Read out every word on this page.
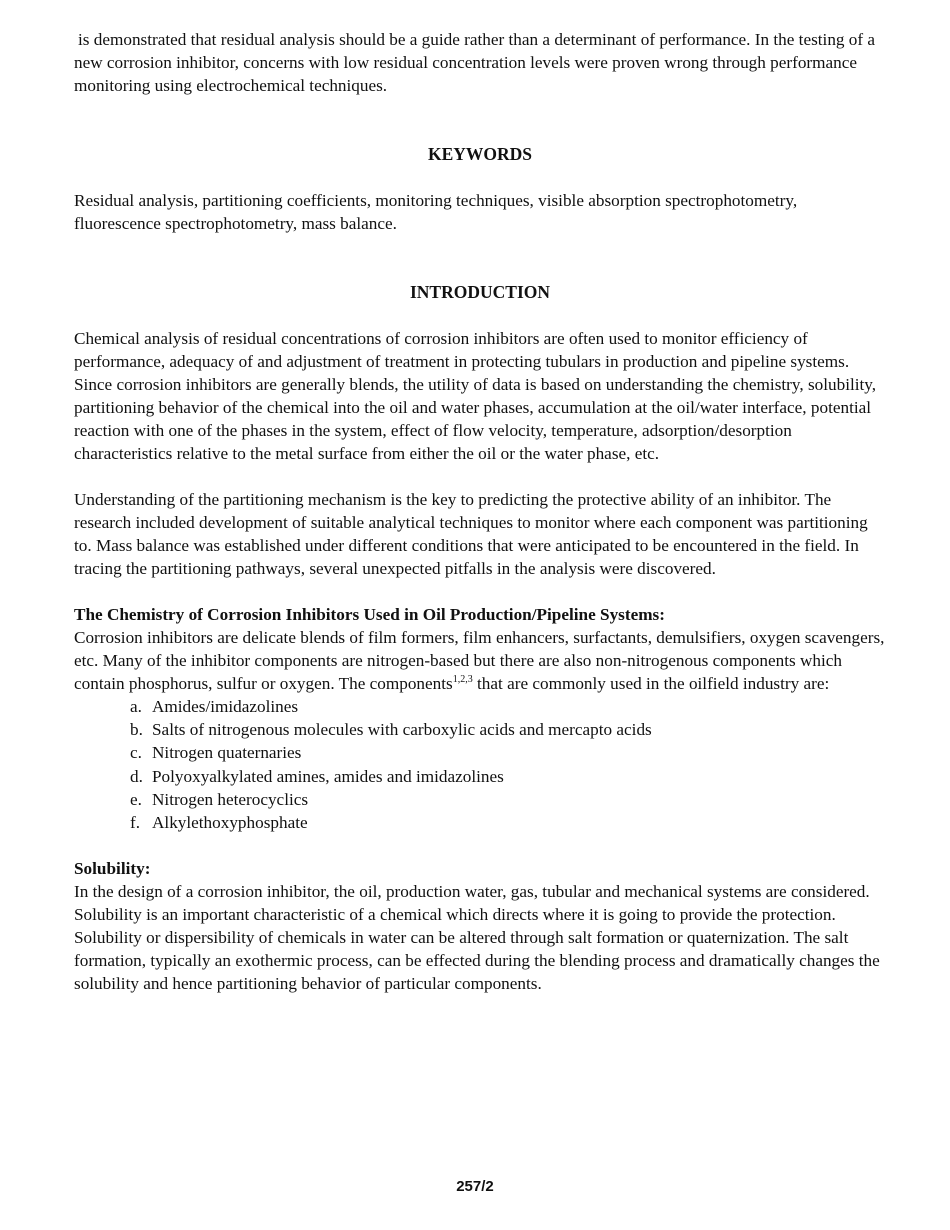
is demonstrated that residual analysis should be a guide rather than a determinant of performance. In the testing of a new corrosion inhibitor, concerns with low residual concentration levels were proven wrong through performance monitoring using electrochemical techniques.

KEYWORDS

Residual analysis, partitioning coefficients, monitoring techniques, visible absorption spectrophotometry, fluorescence spectrophotometry, mass balance.

INTRODUCTION

Chemical analysis of residual concentrations of corrosion inhibitors are often used to monitor efficiency of performance, adequacy of and adjustment of treatment in protecting tubulars in production and pipeline systems. Since corrosion inhibitors are generally blends, the utility of data is based on understanding the chemistry, solubility, partitioning behavior of the chemical into the oil and water phases, accumulation at the oil/water interface, potential reaction with one of the phases in the system, effect of flow velocity, temperature, adsorption/desorption characteristics relative to the metal surface from either the oil or the water phase, etc.

Understanding of the partitioning mechanism is the key to predicting the protective ability of an inhibitor. The research included development of suitable analytical techniques to monitor where each component was partitioning to. Mass balance was established under different conditions that were anticipated to be encountered in the field. In tracing the partitioning pathways, several unexpected pitfalls in the analysis were discovered.

The Chemistry of Corrosion Inhibitors Used in Oil Production/Pipeline Systems:

Corrosion inhibitors are delicate blends of film formers, film enhancers, surfactants, demulsifiers, oxygen scavengers, etc. Many of the inhibitor components are nitrogen-based but there are also non-nitrogenous components which contain phosphorus, sulfur or oxygen. The components$^{1,2,3}$ that are commonly used in the oilfield industry are:

a. Amides/imidazolines
b. Salts of nitrogenous molecules with carboxylic acids and mercapto acids
c. Nitrogen quaternaries
d. Polyoxyalkylated amines, amides and imidazolines
e. Nitrogen heterocyclics
f. Alkylethoxyphosphate
Solubility:

In the design of a corrosion inhibitor, the oil, production water, gas, tubular and mechanical systems are considered. Solubility is an important characteristic of a chemical which directs where it is going to provide the protection. Solubility or dispersibility of chemicals in water can be altered through salt formation or quaternization. The salt formation, typically an exothermic process, can be effected during the blending process and dramatically changes the solubility and hence partitioning behavior of particular components.

257/2
